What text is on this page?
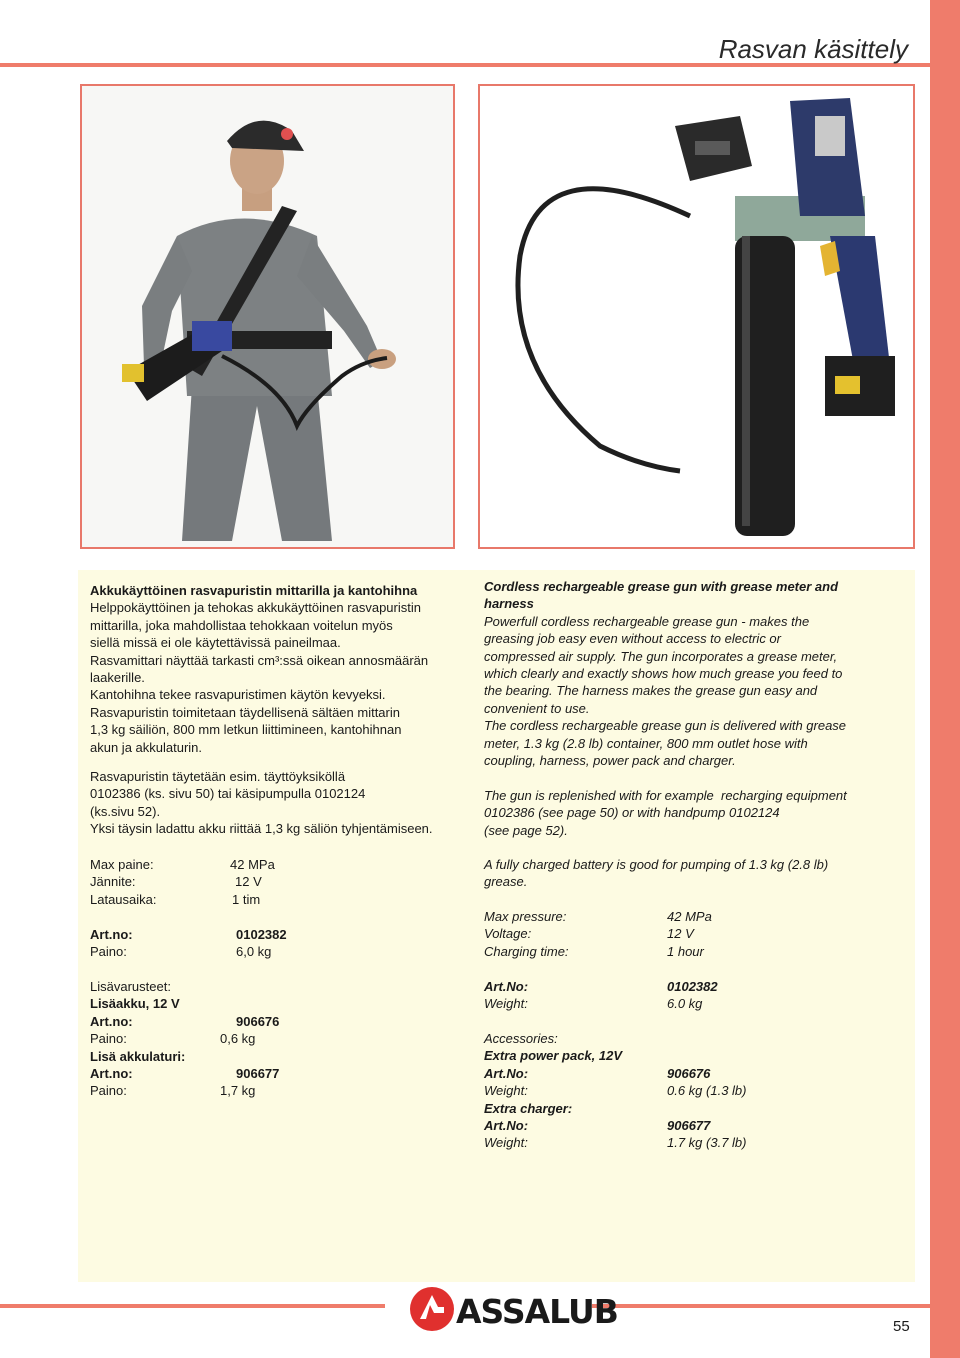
Rasvan käsittely
Akkukäyttöinen rasvapuristin mittarilla ja kantohihna
Helppokäyttöinen ja tehokas akkukäyttöinen rasvapuristin
mittarilla, joka mahdollistaa tehokkaan voitelun myös
siellä missä ei ole käytettävissä paineilmaa.
Rasvamittari näyttää tarkasti cm³:ssä oikean annosmäärän
laakerille.
Kantohihna tekee rasvapuristimen käytön kevyeksi.
Rasvapuristin toimitetaan täydellisenä sältäen mittarin
1,3 kg säiliön, 800 mm letkun liittimineen, kantohihnan
akun ja akkulaturin.
Rasvapuristin täytetään esim. täyttöyksiköllä
0102386 (ks. sivu 50) tai käsipumpulla 0102124
(ks.sivu 52).
Yksi täysin ladattu akku riittää 1,3 kg säliön tyhjentämiseen.
Max paine:	42 MPa
Jännite:	12 V
Latausaika:	1 tim
Art.no:	0102382
Paino:	6,0 kg
Lisävarusteet:
Lisäakku, 12 V
Art.no:	906676
Paino:	0,6 kg
Lisä akkulaturi:
Art.no:	906677
Paino:	1,7 kg
Cordless rechargeable grease gun with grease meter and
harness
Powerfull cordless rechargeable grease gun - makes the
greasing job easy even without access to electric or
compressed air supply. The gun incorporates a grease meter,
which clearly and exactly shows how much grease you feed to
the bearing. The harness makes the grease gun easy and
convenient to use.
The cordless rechargeable grease gun is delivered with grease
meter, 1.3 kg (2.8 lb) container, 800 mm outlet hose with
coupling, harness, power pack and charger.
The gun is replenished with for example  recharging equipment
0102386 (see page 50) or with handpump 0102124
(see page 52).
A fully charged battery is good for pumping of 1.3 kg (2.8 lb)
grease.
Max pressure:	42 MPa
Voltage:	12 V
Charging time:	1 hour
Art.No:	0102382
Weight:	6.0 kg
Accessories:
Extra power pack, 12V
Art.No:	906676
Weight:	0.6 kg (1.3 lb)
Extra charger:
Art.No:	906677
Weight:	1.7 kg (3.7 lb)
ASSALUB	55
